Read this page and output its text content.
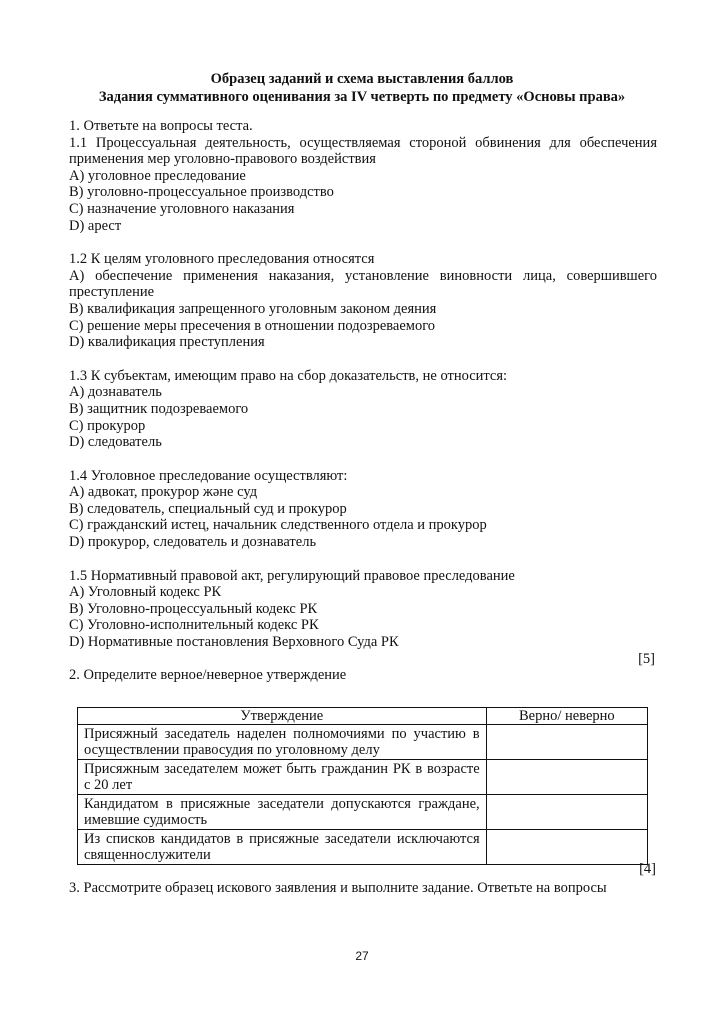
Образец заданий и схема выставления баллов
Задания суммативного оценивания за IV четверть по предмету «Основы права»
1. Ответьте на вопросы теста.
1.1 Процессуальная деятельность, осуществляемая стороной обвинения для обеспечения применения мер уголовно-правового воздействия
A) уголовное преследование
B) уголовно-процессуальное производство
C) назначение уголовного наказания
D) арест
1.2 К целям уголовного преследования относятся
A) обеспечение применения наказания, установление виновности лица, совершившего преступление
B) квалификация запрещенного уголовным законом деяния
C) решение меры пресечения в отношении подозреваемого
D) квалификация преступления
1.3 К субъектам, имеющим право на сбор доказательств, не относится:
A) дознаватель
B) защитник подозреваемого
C) прокурор
D) следователь
1.4 Уголовное преследование осуществляют:
A) адвокат, прокурор және суд
B) следователь, специальный суд и прокурор
C) гражданский истец, начальник следственного отдела и прокурор
D) прокурор, следователь и дознаватель
1.5 Нормативный правовой акт, регулирующий правовое преследование
A) Уголовный кодекс РК
B) Уголовно-процессуальный кодекс РК
C) Уголовно-исполнительный кодекс РК
D) Нормативные постановления Верховного Суда РК
[5]
2. Определите верное/неверное утверждение
Утверждение	Верно/ неверно
Присяжный заседатель наделен полномочиями по участию в осуществлении правосудия по уголовному делу	
Присяжным заседателем может быть гражданин РК в возрасте с 20 лет	
Кандидатом в присяжные заседатели допускаются граждане, имевшие судимость	
Из списков кандидатов в присяжные заседатели исключаются священнослужители	
[4]
3. Рассмотрите образец искового заявления и выполните задание. Ответьте на вопросы
27
